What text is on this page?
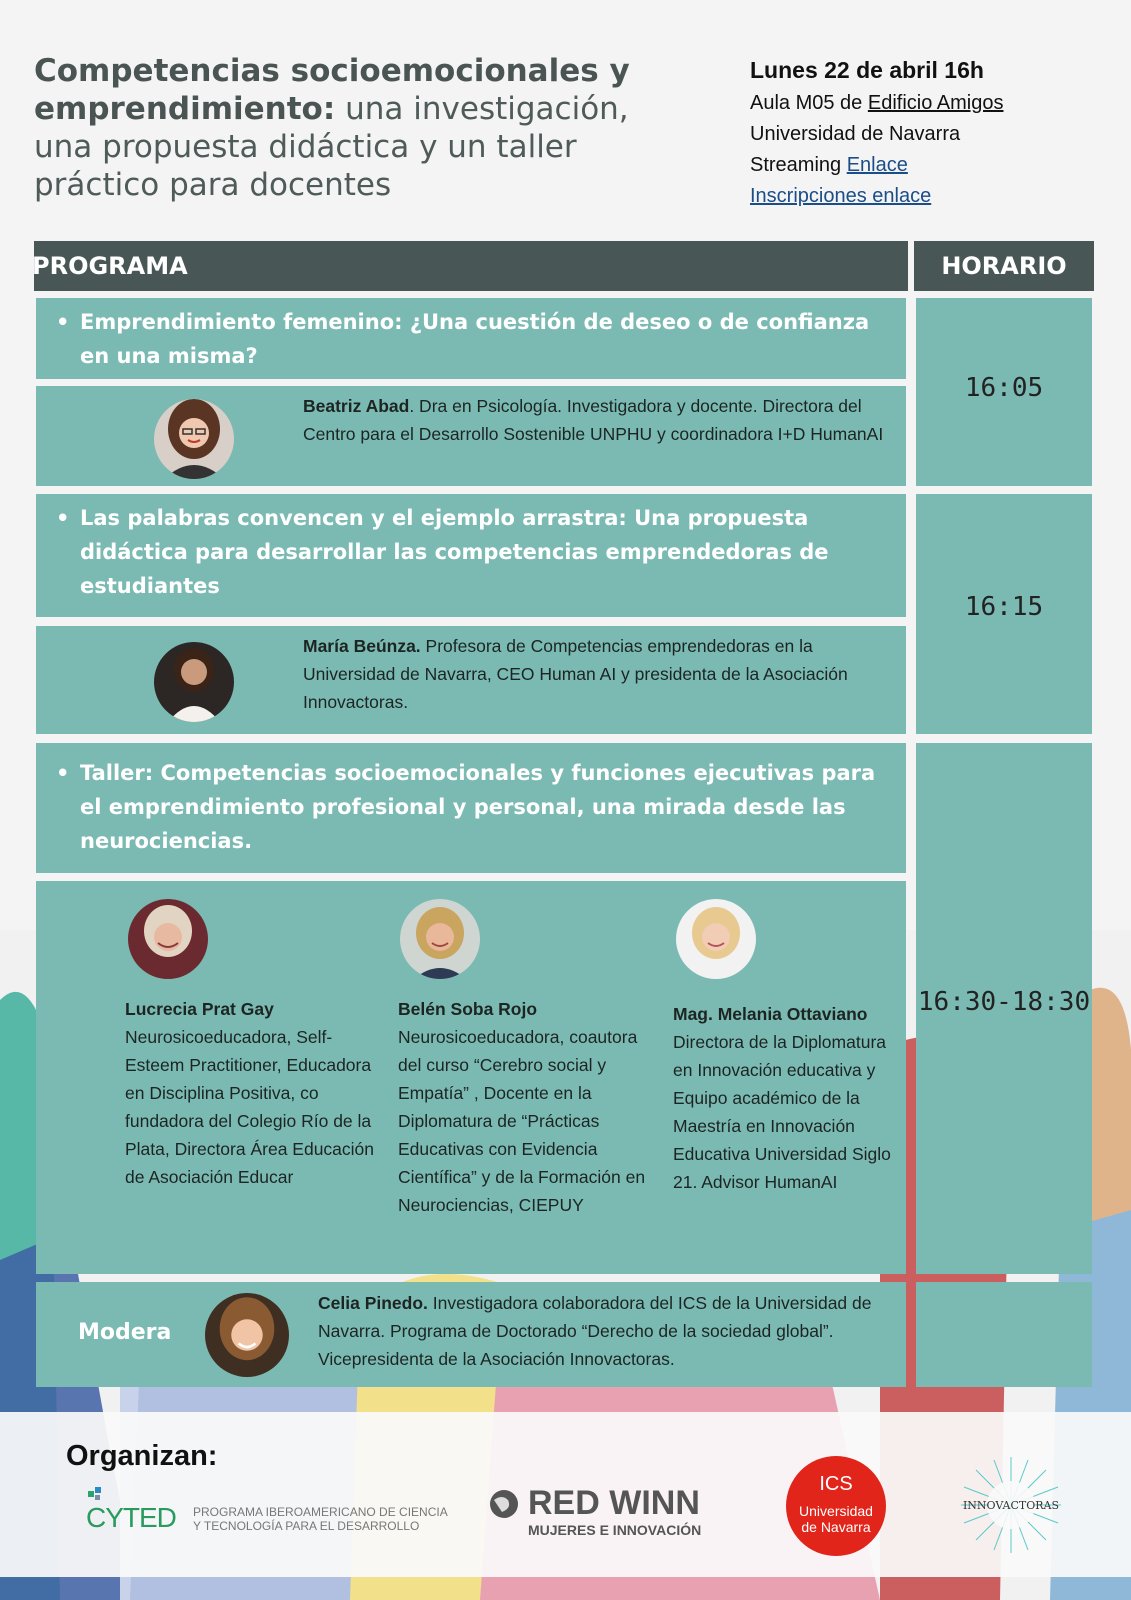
Competencias socioemocionales y emprendimiento: una investigación, una propuesta didáctica y un taller práctico para docentes
Lunes 22 de abril 16h
Aula M05 de Edificio Amigos
Universidad de Navarra
Streaming Enlace
Inscripciones enlace
PROGRAMA	HORARIO
• Emprendimiento femenino: ¿Una cuestión de deseo o de confianza en una misma?
Beatriz Abad. Dra en Psicología. Investigadora y docente. Directora del Centro para el Desarrollo Sostenible UNPHU y coordinadora I+D HumanAI
16:05
• Las palabras convencen y el ejemplo arrastra: Una propuesta didáctica para desarrollar las competencias emprendedoras de estudiantes
María Beúnza. Profesora de Competencias emprendedoras en la Universidad de Navarra, CEO Human AI y presidenta de la Asociación Innovactoras.
16:15
• Taller: Competencias socioemocionales y funciones ejecutivas para el emprendimiento profesional y personal, una mirada desde las neurociencias.
Lucrecia Prat Gay
Neurosicoeducadora, Self-Esteem Practitioner, Educadora en Disciplina Positiva, co fundadora del Colegio Río de la Plata, Directora Área Educación de Asociación Educar
Belén Soba Rojo
Neurosicoeducadora, coautora del curso “Cerebro social y Empatía” , Docente en la Diplomatura de “Prácticas Educativas con Evidencia Científica” y de la Formación en Neurociencias, CIEPUY
Mag. Melania Ottaviano
Directora de la Diplomatura en Innovación educativa y Equipo académico de la Maestría en Innovación Educativa Universidad Siglo 21. Advisor HumanAI
16:30-18:30
Modera
Celia Pinedo. Investigadora colaboradora del ICS de la Universidad de Navarra. Programa de Doctorado “Derecho de la sociedad global”. Vicepresidenta de la Asociación Innovactoras.
Organizan:
CYTED PROGRAMA IBEROAMERICANO DE CIENCIA
Y TECNOLOGÍA PARA EL DESARROLLO
RED WINN
MUJERES E INNOVACIÓN
ICS
Universidad
de Navarra
INNOVACTORAS
